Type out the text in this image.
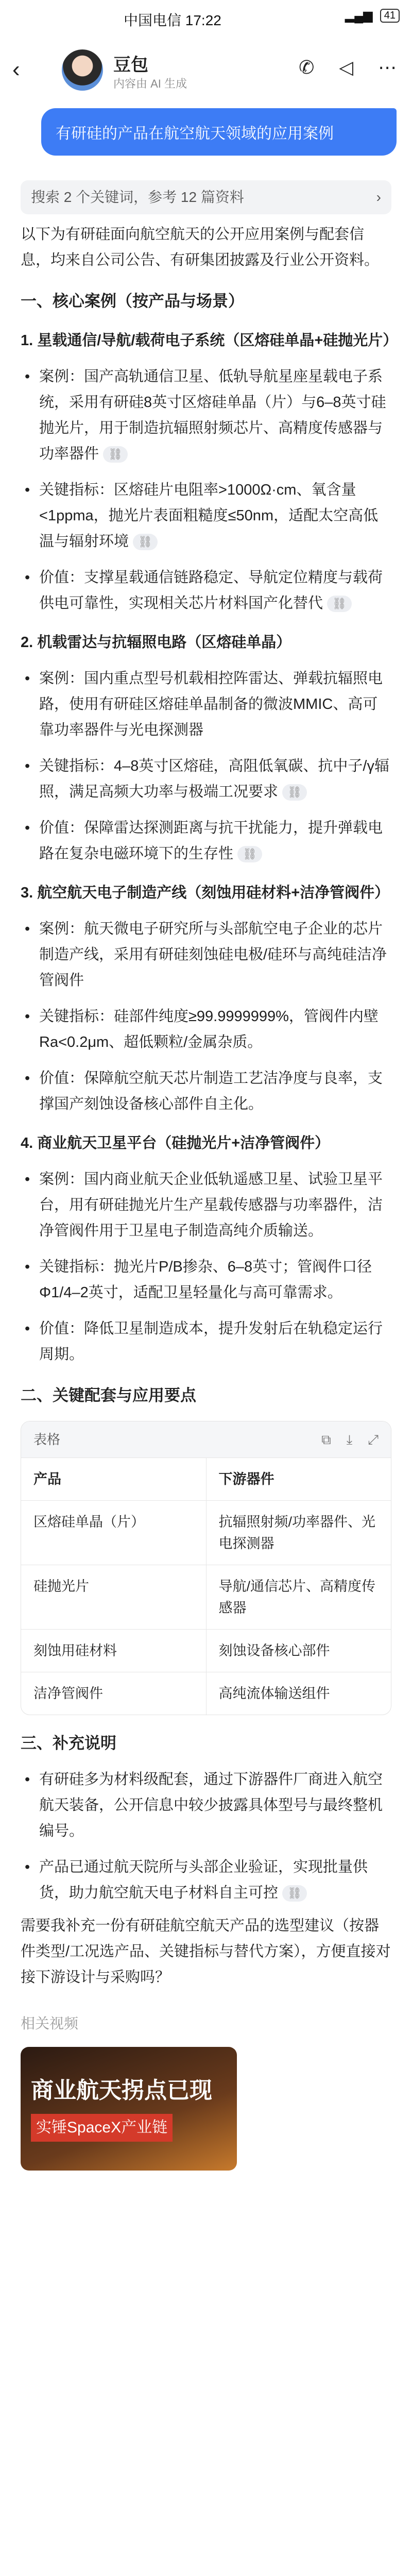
中国电信 17:22	▂▄▆	41
‹	豆包
内容由 AI 生成
✆ ◁ ⋯
有研硅的产品在航空航天领域的应用案例
搜索 2 个关键词，参考 12 篇资料	›

以下为有研硅面向航空航天的公开应用案例与配套信息，均来自公司公告、有研集团披露及行业公开资料。

一、核心案例（按产品与场景）
1. 星载通信/导航/载荷电子系统（区熔硅单晶+硅抛光片）
• 案例：国产高轨通信卫星、低轨导航星座星载电子系统，采用有研硅8英寸区熔硅单晶（片）与6–8英寸硅抛光片，用于制造抗辐照射频芯片、高精度传感器与功率器件 ⛓
• 关键指标：区熔硅片电阻率>1000Ω·cm、氧含量<1ppma，抛光片表面粗糙度≤50nm，适配太空高低温与辐射环境 ⛓
• 价值：支撑星载通信链路稳定、导航定位精度与载荷供电可靠性，实现相关芯片材料国产化替代 ⛓
2. 机载雷达与抗辐照电路（区熔硅单晶）
• 案例：国内重点型号机载相控阵雷达、弹载抗辐照电路，使用有研硅区熔硅单晶制备的微波MMIC、高可靠功率器件与光电探测器
• 关键指标：4–8英寸区熔硅，高阻低氧碳、抗中子/γ辐照，满足高频大功率与极端工况要求 ⛓
• 价值：保障雷达探测距离与抗干扰能力，提升弹载电路在复杂电磁环境下的生存性 ⛓
3. 航空航天电子制造产线（刻蚀用硅材料+洁净管阀件）
• 案例：航天微电子研究所与头部航空电子企业的芯片制造产线，采用有研硅刻蚀硅电极/硅环与高纯硅洁净管阀件
• 关键指标：硅部件纯度≥99.9999999%，管阀件内壁Ra<0.2μm、超低颗粒/金属杂质。
• 价值：保障航空航天芯片制造工艺洁净度与良率，支撑国产刻蚀设备核心部件自主化。
4. 商业航天卫星平台（硅抛光片+洁净管阀件）
• 案例：国内商业航天企业低轨遥感卫星、试验卫星平台，用有研硅抛光片生产星载传感器与功率器件，洁净管阀件用于卫星电子制造高纯介质输送。
• 关键指标：抛光片P/B掺杂、6–8英寸；管阀件口径Φ1/4–2英寸，适配卫星轻量化与高可靠需求。
• 价值：降低卫星制造成本，提升发射后在轨稳定运行周期。
二、关键配套与应用要点
表格	⧉ ⤓ ⤢
产品	下游器件
区熔硅单晶（片）	抗辐照射频/功率器件、光电探测器
硅抛光片	导航/通信芯片、高精度传感器
刻蚀用硅材料	刻蚀设备核心部件
洁净管阀件	高纯流体输送组件
三、补充说明
• 有研硅多为材料级配套，通过下游器件厂商进入航空航天装备，公开信息中较少披露具体型号与最终整机编号。
• 产品已通过航天院所与头部企业验证，实现批量供货，助力航空航天电子材料自主可控 ⛓

需要我补充一份有研硅航空航天产品的选型建议（按器件类型/工况选产品、关键指标与替代方案），方便直接对接下游设计与采购吗？

相关视频
商业航天拐点已现
实锤SpaceX产业链
